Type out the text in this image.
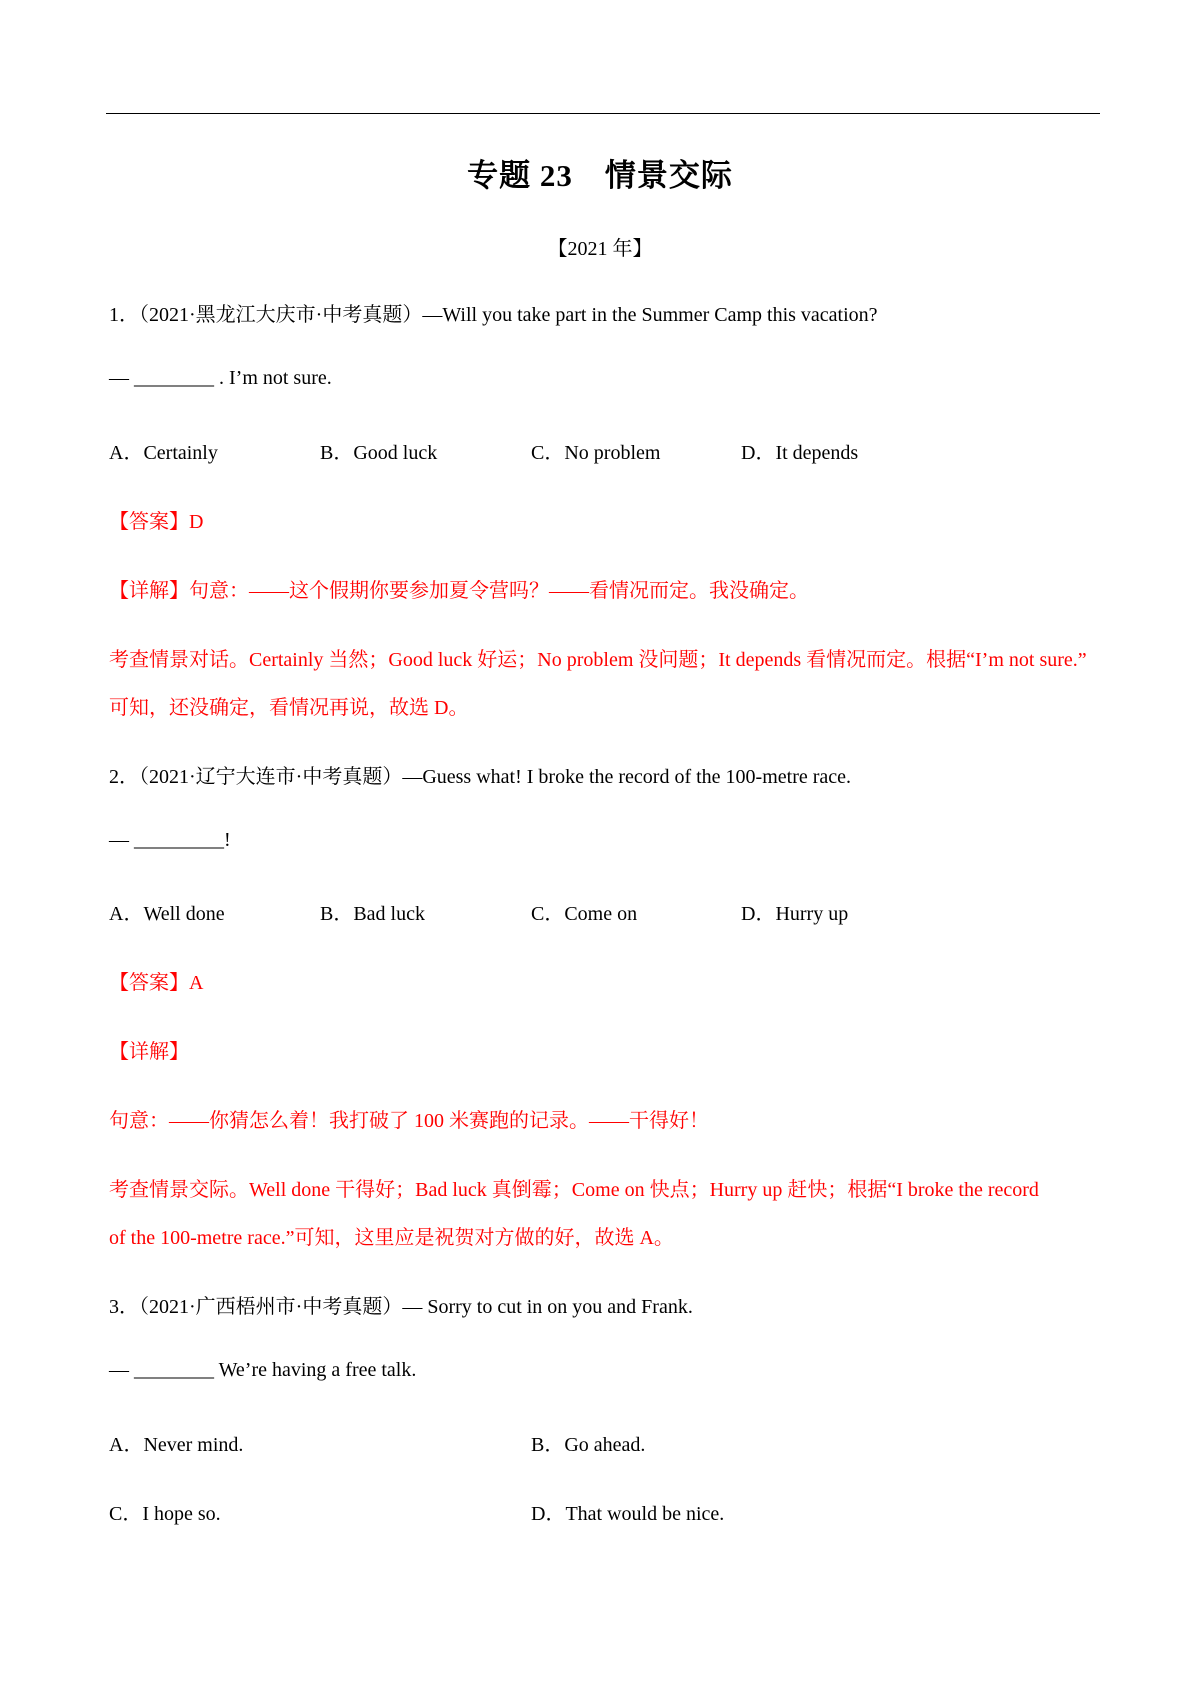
专题 23　情景交际
【2021 年】
1．（2021·黑龙江大庆市·中考真题）—Will you take part in the Summer Camp this vacation?
— ________ . I’m not sure.
A．Certainly	B．Good luck	C．No problem	D．It depends
【答案】D
【详解】句意：——这个假期你要参加夏令营吗？——看情况而定。我没确定。
考查情景对话。Certainly 当然；Good luck 好运；No problem 没问题；It depends 看情况而定。根据“I’m not sure.”
可知，还没确定，看情况再说，故选 D。
2．（2021·辽宁大连市·中考真题）—Guess what! I broke the record of the 100-metre race.
— _________!
A．Well done	B．Bad luck	C．Come on	D．Hurry up
【答案】A
【详解】
句意：——你猜怎么着！我打破了 100 米赛跑的记录。——干得好！
考查情景交际。Well done 干得好；Bad luck 真倒霉；Come on 快点；Hurry up 赶快；根据“I broke the record
of the 100-metre race.”可知，这里应是祝贺对方做的好，故选 A。
3．（2021·广西梧州市·中考真题）— Sorry to cut in on you and Frank.
— ________ We’re having a free talk.
A．Never mind.	B．Go ahead.
C．I hope so.	D．That would be nice.
